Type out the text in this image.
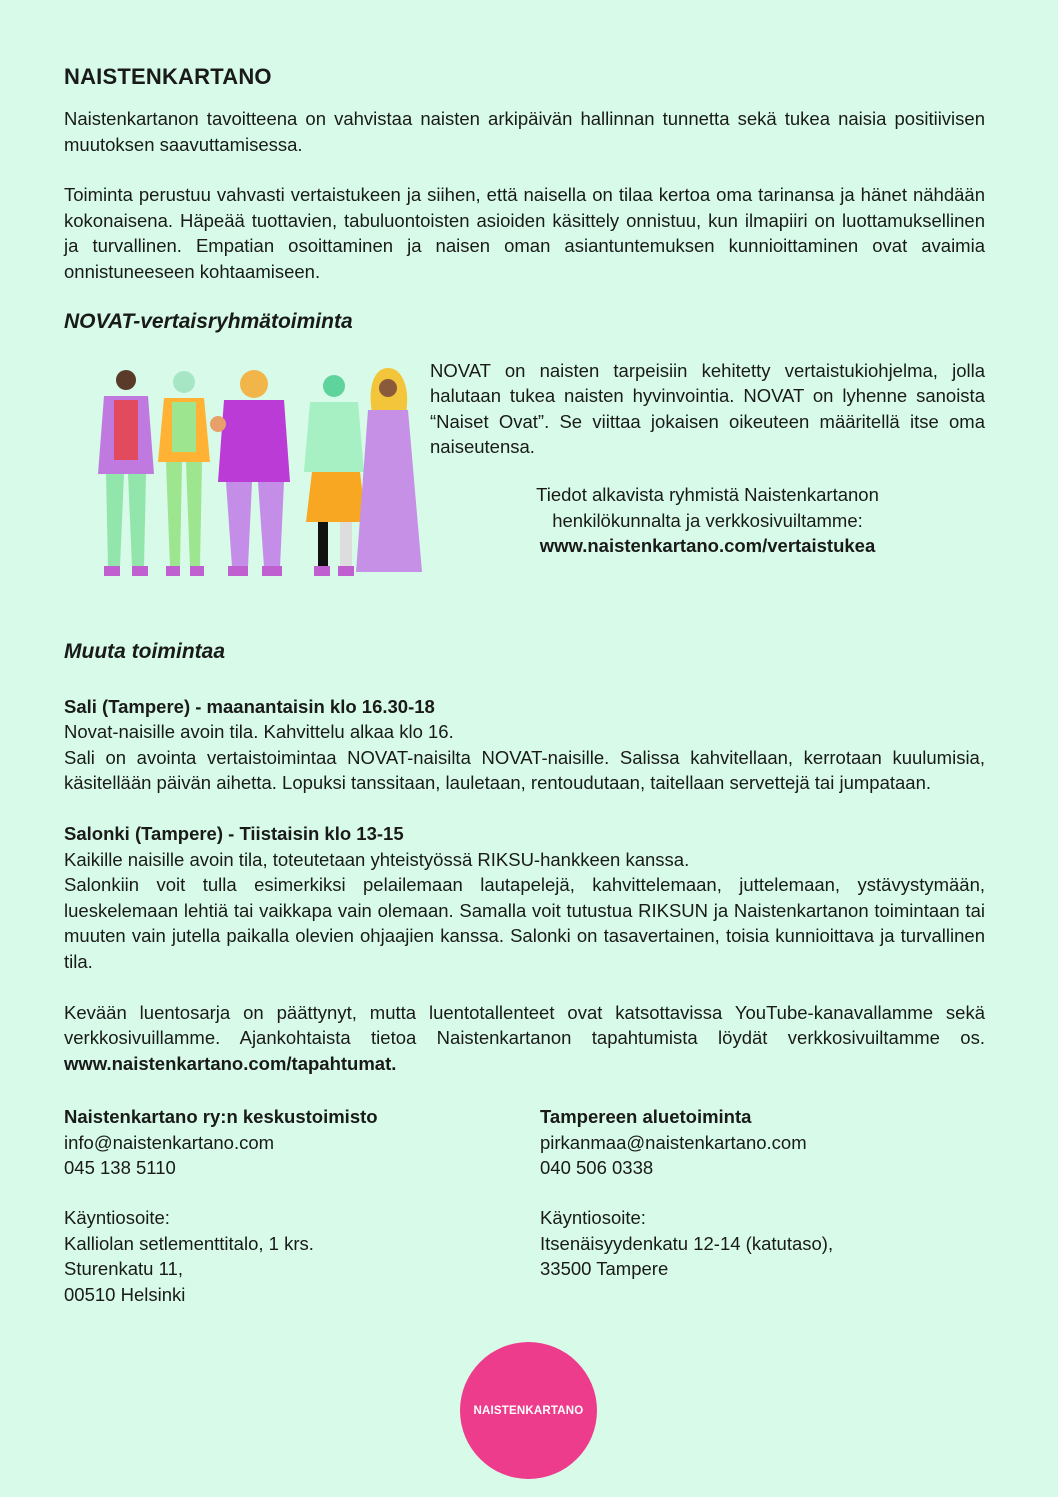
NAISTENKARTANO

Naistenkartanon tavoitteena on vahvistaa naisten arkipäivän hallinnan tunnetta sekä tukea naisia positiivisen muutoksen saavuttamisessa.

Toiminta perustuu vahvasti vertaistukeen ja siihen, että naisella on tilaa kertoa oma tarinansa ja hänet nähdään kokonaisena. Häpeää tuottavien, tabuluontoisten asioiden käsittely onnistuu, kun ilmapiiri on luottamuksellinen ja turvallinen. Empatian osoittaminen ja naisen oman asiantuntemuksen kunnioittaminen ovat avaimia onnistuneeseen kohtaamiseen.

NOVAT-vertaisryhmätoiminta

NOVAT on naisten tarpeisiin kehitetty vertaistukiohjelma, jolla halutaan tukea naisten hyvinvointia. NOVAT on lyhenne sanoista “Naiset Ovat”. Se viittaa jokaisen oikeuteen määritellä itse oma naiseutensa.

Tiedot alkavista ryhmistä Naistenkartanon

henkilökunnalta ja verkkosivuiltamme:

www.naistenkartano.com/vertaistukea

Muuta toimintaa

Sali (Tampere) - maanantaisin klo 16.30-18

Novat-naisille avoin tila. Kahvittelu alkaa klo 16.

Sali on avointa vertaistoimintaa NOVAT-naisilta NOVAT-naisille. Salissa kahvitellaan, kerrotaan kuulumisia, käsitellään päivän aihetta. Lopuksi tanssitaan, lauletaan, rentoudutaan, taitellaan servettejä tai jumpataan.

Salonki (Tampere) - Tiistaisin klo 13-15

Kaikille naisille avoin tila, toteutetaan yhteistyössä RIKSU-hankkeen kanssa.

Salonkiin voit tulla esimerkiksi pelailemaan lautapelejä, kahvittelemaan, juttelemaan, ystävystymään, lueskelemaan lehtiä tai vaikkapa vain olemaan. Samalla voit tutustua RIKSUN ja Naistenkartanon toimintaan tai muuten vain jutella paikalla olevien ohjaajien kanssa. Salonki on tasavertainen, toisia kunnioittava ja turvallinen tila.

Kevään luentosarja on päättynyt, mutta luentotallenteet ovat katsottavissa YouTube-kanavallamme sekä verkkosivuillamme. Ajankohtaista tietoa Naistenkartanon tapahtumista löydät verkkosivuiltamme os. www.naistenkartano.com/tapahtumat.

Naistenkartano ry:n keskustoimisto
info@naistenkartano.com
045 138 5110
Käyntiosoite:
Kalliolan setlementtitalo, 1 krs.
Sturenkatu 11,
00510 Helsinki
Tampereen aluetoiminta
pirkanmaa@naistenkartano.com
040 506 0338
Käyntiosoite:
Itsenäisyydenkatu 12-14 (katutaso),
33500 Tampere
NAISTENKARTANO
